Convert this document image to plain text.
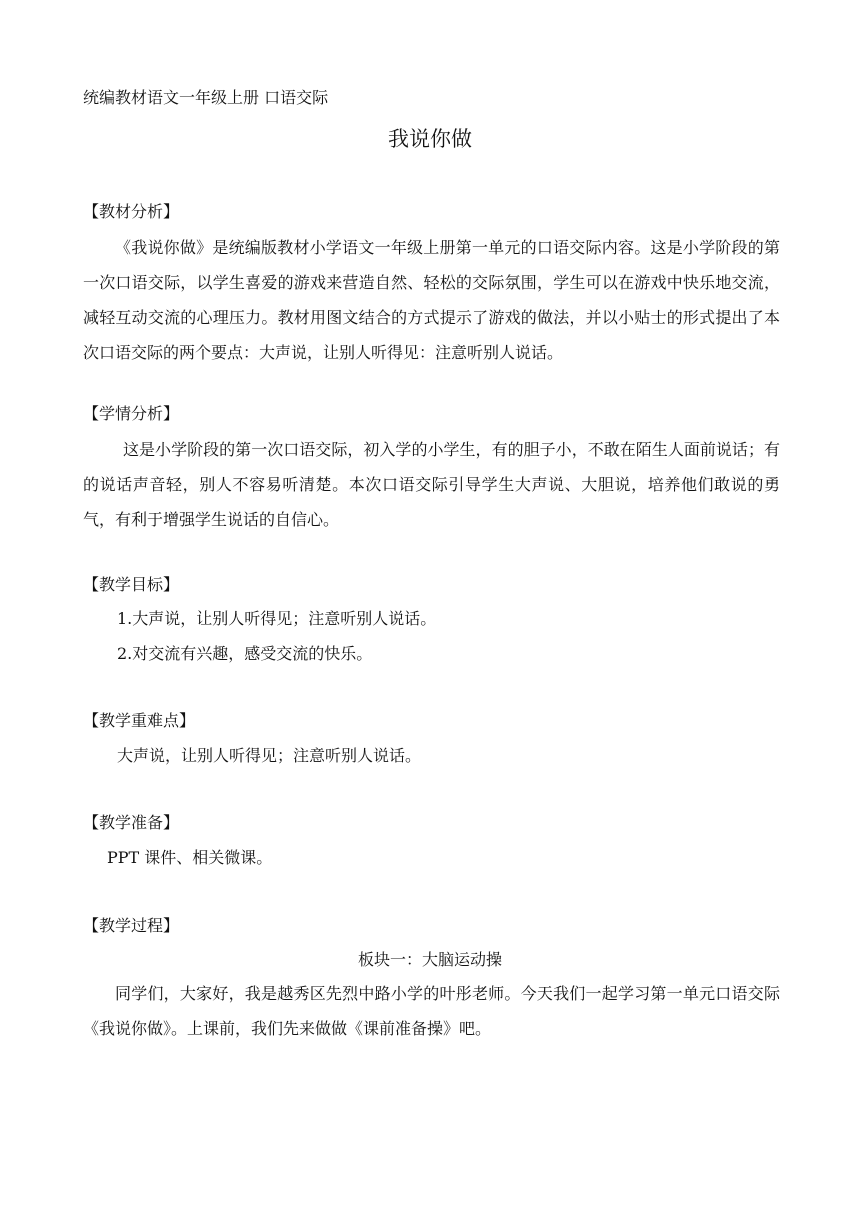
统编教材语文一年级上册 口语交际
我说你做
【教材分析】
《我说你做》是统编版教材小学语文一年级上册第一单元的口语交际内容。这是小学阶段的第一次口语交际，以学生喜爱的游戏来营造自然、轻松的交际氛围，学生可以在游戏中快乐地交流，减轻互动交流的心理压力。教材用图文结合的方式提示了游戏的做法，并以小贴士的形式提出了本次口语交际的两个要点：大声说，让别人听得见：注意听别人说话。
【学情分析】
这是小学阶段的第一次口语交际，初入学的小学生，有的胆子小，不敢在陌生人面前说话；有的说话声音轻，别人不容易听清楚。本次口语交际引导学生大声说、大胆说，培养他们敢说的勇气，有利于增强学生说话的自信心。
【教学目标】
1.大声说，让别人听得见；注意听别人说话。
2.对交流有兴趣，感受交流的快乐。
【教学重难点】
大声说，让别人听得见；注意听别人说话。
【教学准备】
PPT 课件、相关微课。
【教学过程】
板块一：大脑运动操
同学们，大家好，我是越秀区先烈中路小学的叶彤老师。今天我们一起学习第一单元口语交际《我说你做》。上课前，我们先来做做《课前准备操》吧。
